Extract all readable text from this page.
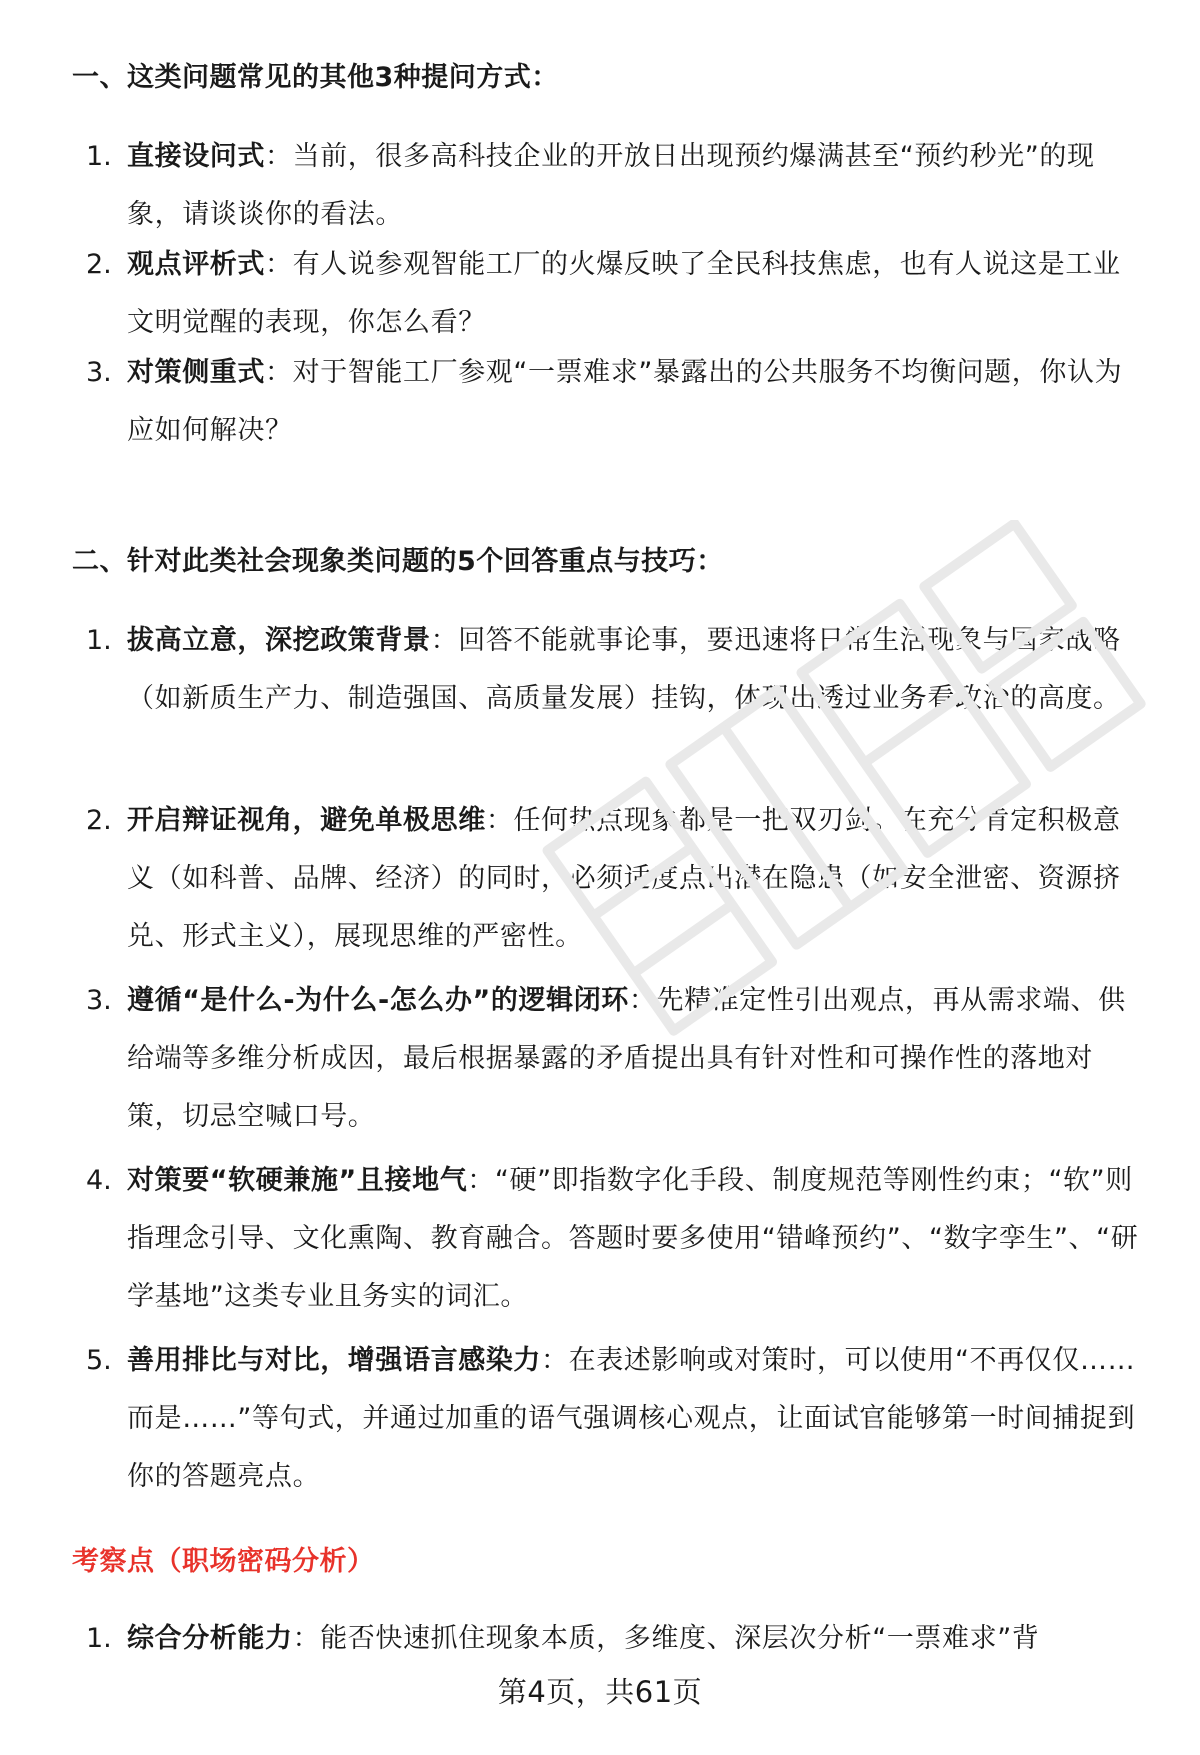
一、这类问题常见的其他3种提问方式：
1. 直接设问式：当前，很多高科技企业的开放日出现预约爆满甚至“预约秒光”的现象，请谈谈你的看法。
2. 观点评析式：有人说参观智能工厂的火爆反映了全民科技焦虑，也有人说这是工业文明觉醒的表现，你怎么看？
3. 对策侧重式：对于智能工厂参观“一票难求”暴露出的公共服务不均衡问题，你认为应如何解决？
二、针对此类社会现象类问题的5个回答重点与技巧：
1. 拔高立意，深挖政策背景：回答不能就事论事，要迅速将日常生活现象与国家战略（如新质生产力、制造强国、高质量发展）挂钩，体现出透过业务看政治的高度。
2. 开启辩证视角，避免单极思维：任何热点现象都是一把双刃剑。在充分肯定积极意义（如科普、品牌、经济）的同时，必须适度点出潜在隐患（如安全泄密、资源挤兑、形式主义），展现思维的严密性。
3. 遵循“是什么-为什么-怎么办”的逻辑闭环：先精准定性引出观点，再从需求端、供给端等多维分析成因，最后根据暴露的矛盾提出具有针对性和可操作性的落地对策，切忌空喊口号。
4. 对策要“软硬兼施”且接地气：“硬”即指数字化手段、制度规范等刚性约束；“软”则指理念引导、文化熏陶、教育融合。答题时要多使用“错峰预约”、“数字孪生”、“研学基地”这类专业且务实的词汇。
5. 善用排比与对比，增强语言感染力：在表述影响或对策时，可以使用“不再仅仅……而是……”等句式，并通过加重的语气强调核心观点，让面试官能够第一时间捕捉到你的答题亮点。
考察点（职场密码分析）
1. 综合分析能力：能否快速抓住现象本质，多维度、深层次分析“一票难求”背
第4页，共61页
